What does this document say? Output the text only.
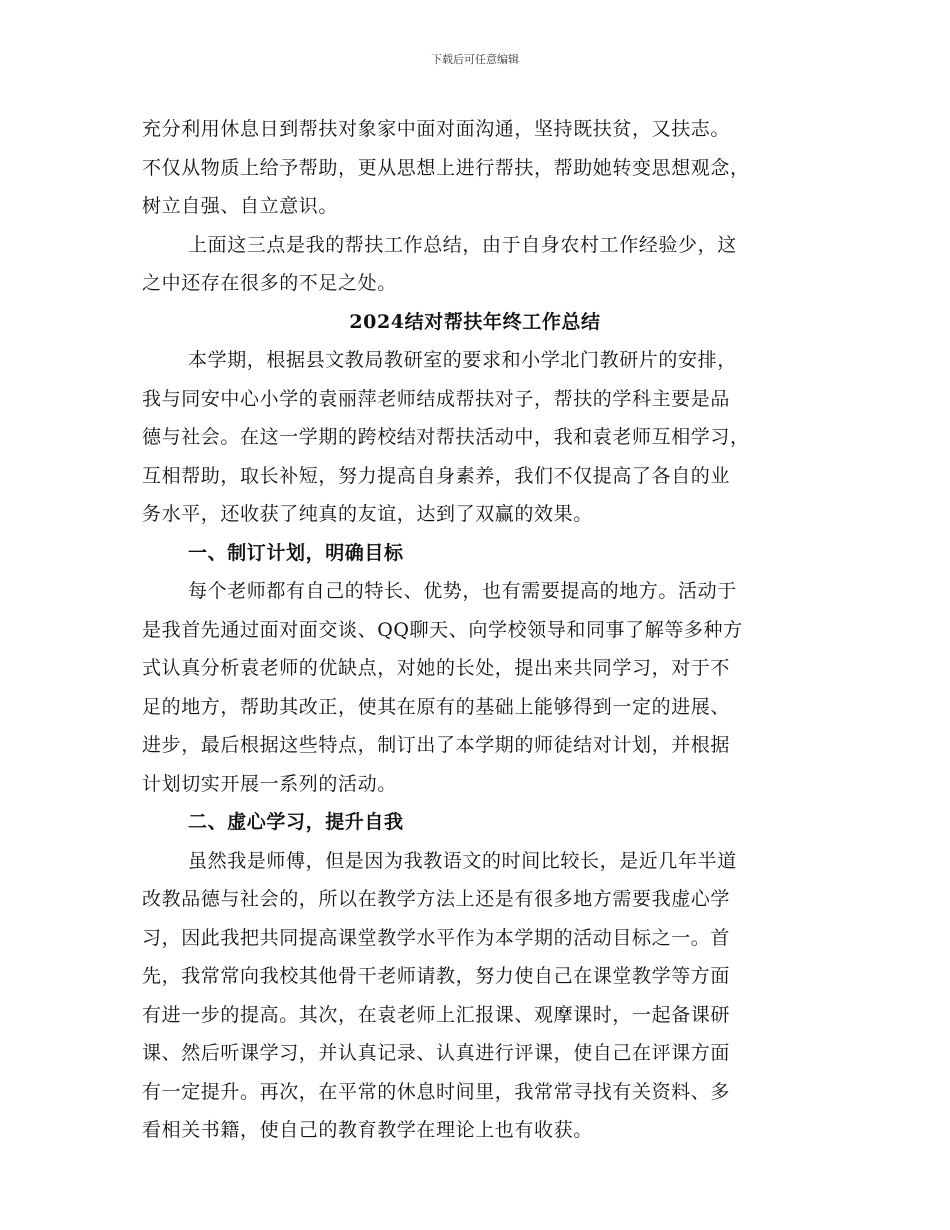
下载后可任意编辑
充分利用休息日到帮扶对象家中面对面沟通，坚持既扶贫，又扶志。
不仅从物质上给予帮助，更从思想上进行帮扶，帮助她转变思想观念，
树立自强、自立意识。
上面这三点是我的帮扶工作总结，由于自身农村工作经验少，这
之中还存在很多的不足之处。
2024结对帮扶年终工作总结
本学期，根据县文教局教研室的要求和小学北门教研片的安排，
我与同安中心小学的袁丽萍老师结成帮扶对子，帮扶的学科主要是品
德与社会。在这一学期的跨校结对帮扶活动中，我和袁老师互相学习，
互相帮助，取长补短，努力提高自身素养，我们不仅提高了各自的业
务水平，还收获了纯真的友谊，达到了双赢的效果。
一、制订计划，明确目标
每个老师都有自己的特长、优势，也有需要提高的地方。活动于
是我首先通过面对面交谈、QQ聊天、向学校领导和同事了解等多种方
式认真分析袁老师的优缺点，对她的长处，提出来共同学习，对于不
足的地方，帮助其改正，使其在原有的基础上能够得到一定的进展、
进步，最后根据这些特点，制订出了本学期的师徒结对计划，并根据
计划切实开展一系列的活动。
二、虚心学习，提升自我
虽然我是师傅，但是因为我教语文的时间比较长，是近几年半道
改教品德与社会的，所以在教学方法上还是有很多地方需要我虚心学
习，因此我把共同提高课堂教学水平作为本学期的活动目标之一。首
先，我常常向我校其他骨干老师请教，努力使自己在课堂教学等方面
有进一步的提高。其次，在袁老师上汇报课、观摩课时，一起备课研
课、然后听课学习，并认真记录、认真进行评课，使自己在评课方面
有一定提升。再次，在平常的休息时间里，我常常寻找有关资料、多
看相关书籍，使自己的教育教学在理论上也有收获。
